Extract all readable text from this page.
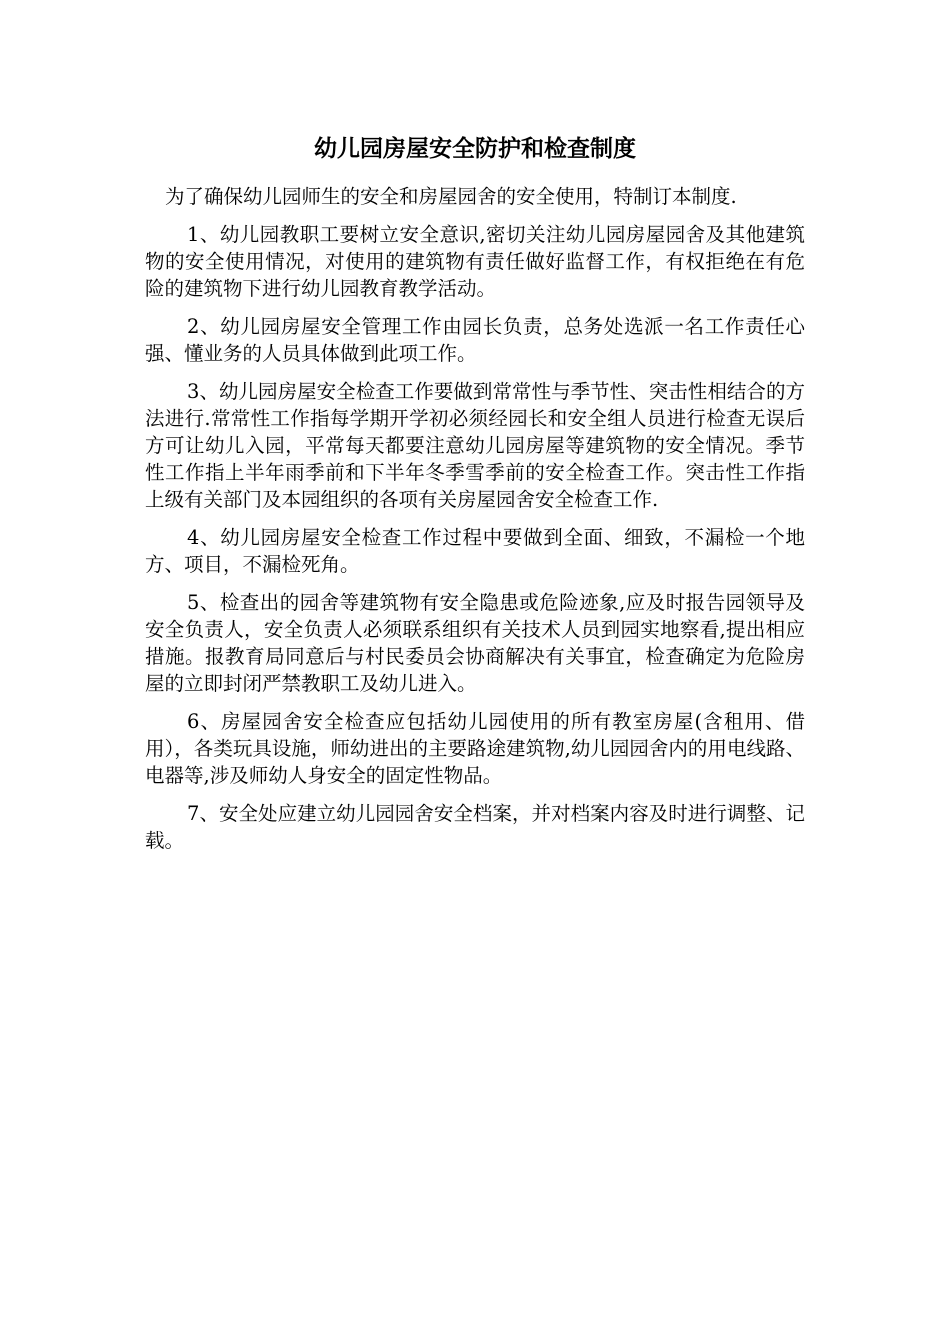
幼儿园房屋安全防护和检查制度

为了确保幼儿园师生的安全和房屋园舍的安全使用，特制订本制度.

1、幼儿园教职工要树立安全意识,密切关注幼儿园房屋园舍及其他建筑物的安全使用情况，对使用的建筑物有责任做好监督工作，有权拒绝在有危险的建筑物下进行幼儿园教育教学活动。

2、幼儿园房屋安全管理工作由园长负责，总务处选派一名工作责任心强、懂业务的人员具体做到此项工作。

3、幼儿园房屋安全检查工作要做到常常性与季节性、突击性相结合的方法进行.常常性工作指每学期开学初必须经园长和安全组人员进行检查无误后方可让幼儿入园，平常每天都要注意幼儿园房屋等建筑物的安全情况。季节性工作指上半年雨季前和下半年冬季雪季前的安全检查工作。突击性工作指上级有关部门及本园组织的各项有关房屋园舍安全检查工作.

4、幼儿园房屋安全检查工作过程中要做到全面、细致，不漏检一个地方、项目，不漏检死角。

5、检查出的园舍等建筑物有安全隐患或危险迹象,应及时报告园领导及安全负责人，安全负责人必须联系组织有关技术人员到园实地察看,提出相应措施。报教育局同意后与村民委员会协商解决有关事宜，检查确定为危险房屋的立即封闭严禁教职工及幼儿进入。

6、房屋园舍安全检查应包括幼儿园使用的所有教室房屋(含租用、借用），各类玩具设施，师幼进出的主要路途建筑物,幼儿园园舍内的用电线路、电器等,涉及师幼人身安全的固定性物品。

7、安全处应建立幼儿园园舍安全档案，并对档案内容及时进行调整、记载。
